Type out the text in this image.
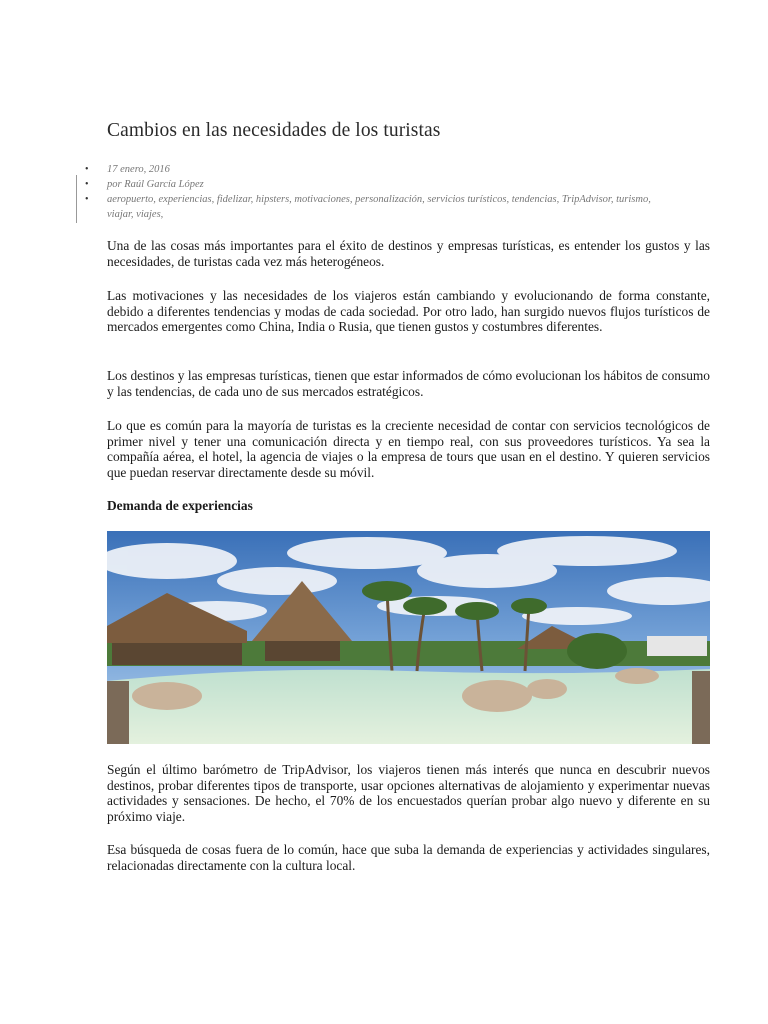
Cambios en las necesidades de los turistas
• 17 enero, 2016
• por Raúl García López
• aeropuerto, experiencias, fidelizar, hipsters, motivaciones, personalización, servicios turísticos, tendencias, TripAdvisor, turismo, viajar, viajes,

Una de las cosas más importantes para el éxito de destinos y empresas turísticas, es entender los gustos y las necesidades, de turistas cada vez más heterogéneos.

Las motivaciones y las necesidades de los viajeros están cambiando y evolucionando de forma constante, debido a diferentes tendencias y modas de cada sociedad. Por otro lado, han surgido nuevos flujos turísticos de mercados emergentes como China, India o Rusia, que tienen gustos y costumbres diferentes.

Los destinos y las empresas turísticas, tienen que estar informados de cómo evolucionan los hábitos de consumo y las tendencias, de cada uno de sus mercados estratégicos.

Lo que es común para la mayoría de turistas es la creciente necesidad de contar con servicios tecnológicos de primer nivel y tener una comunicación directa y en tiempo real, con sus proveedores turísticos. Ya sea la compañía aérea, el hotel, la agencia de viajes o la empresa de tours que usan en el destino. Y quieren servicios que puedan reservar directamente desde su móvil.

Demanda de experiencias

Según el último barómetro de TripAdvisor, los viajeros tienen más interés que nunca en descubrir nuevos destinos, probar diferentes tipos de transporte, usar opciones alternativas de alojamiento y experimentar nuevas actividades y sensaciones. De hecho, el 70% de los encuestados querían probar algo nuevo y diferente en su próximo viaje.

Esa búsqueda de cosas fuera de lo común, hace que suba la demanda de experiencias y actividades singulares, relacionadas directamente con la cultura local.
